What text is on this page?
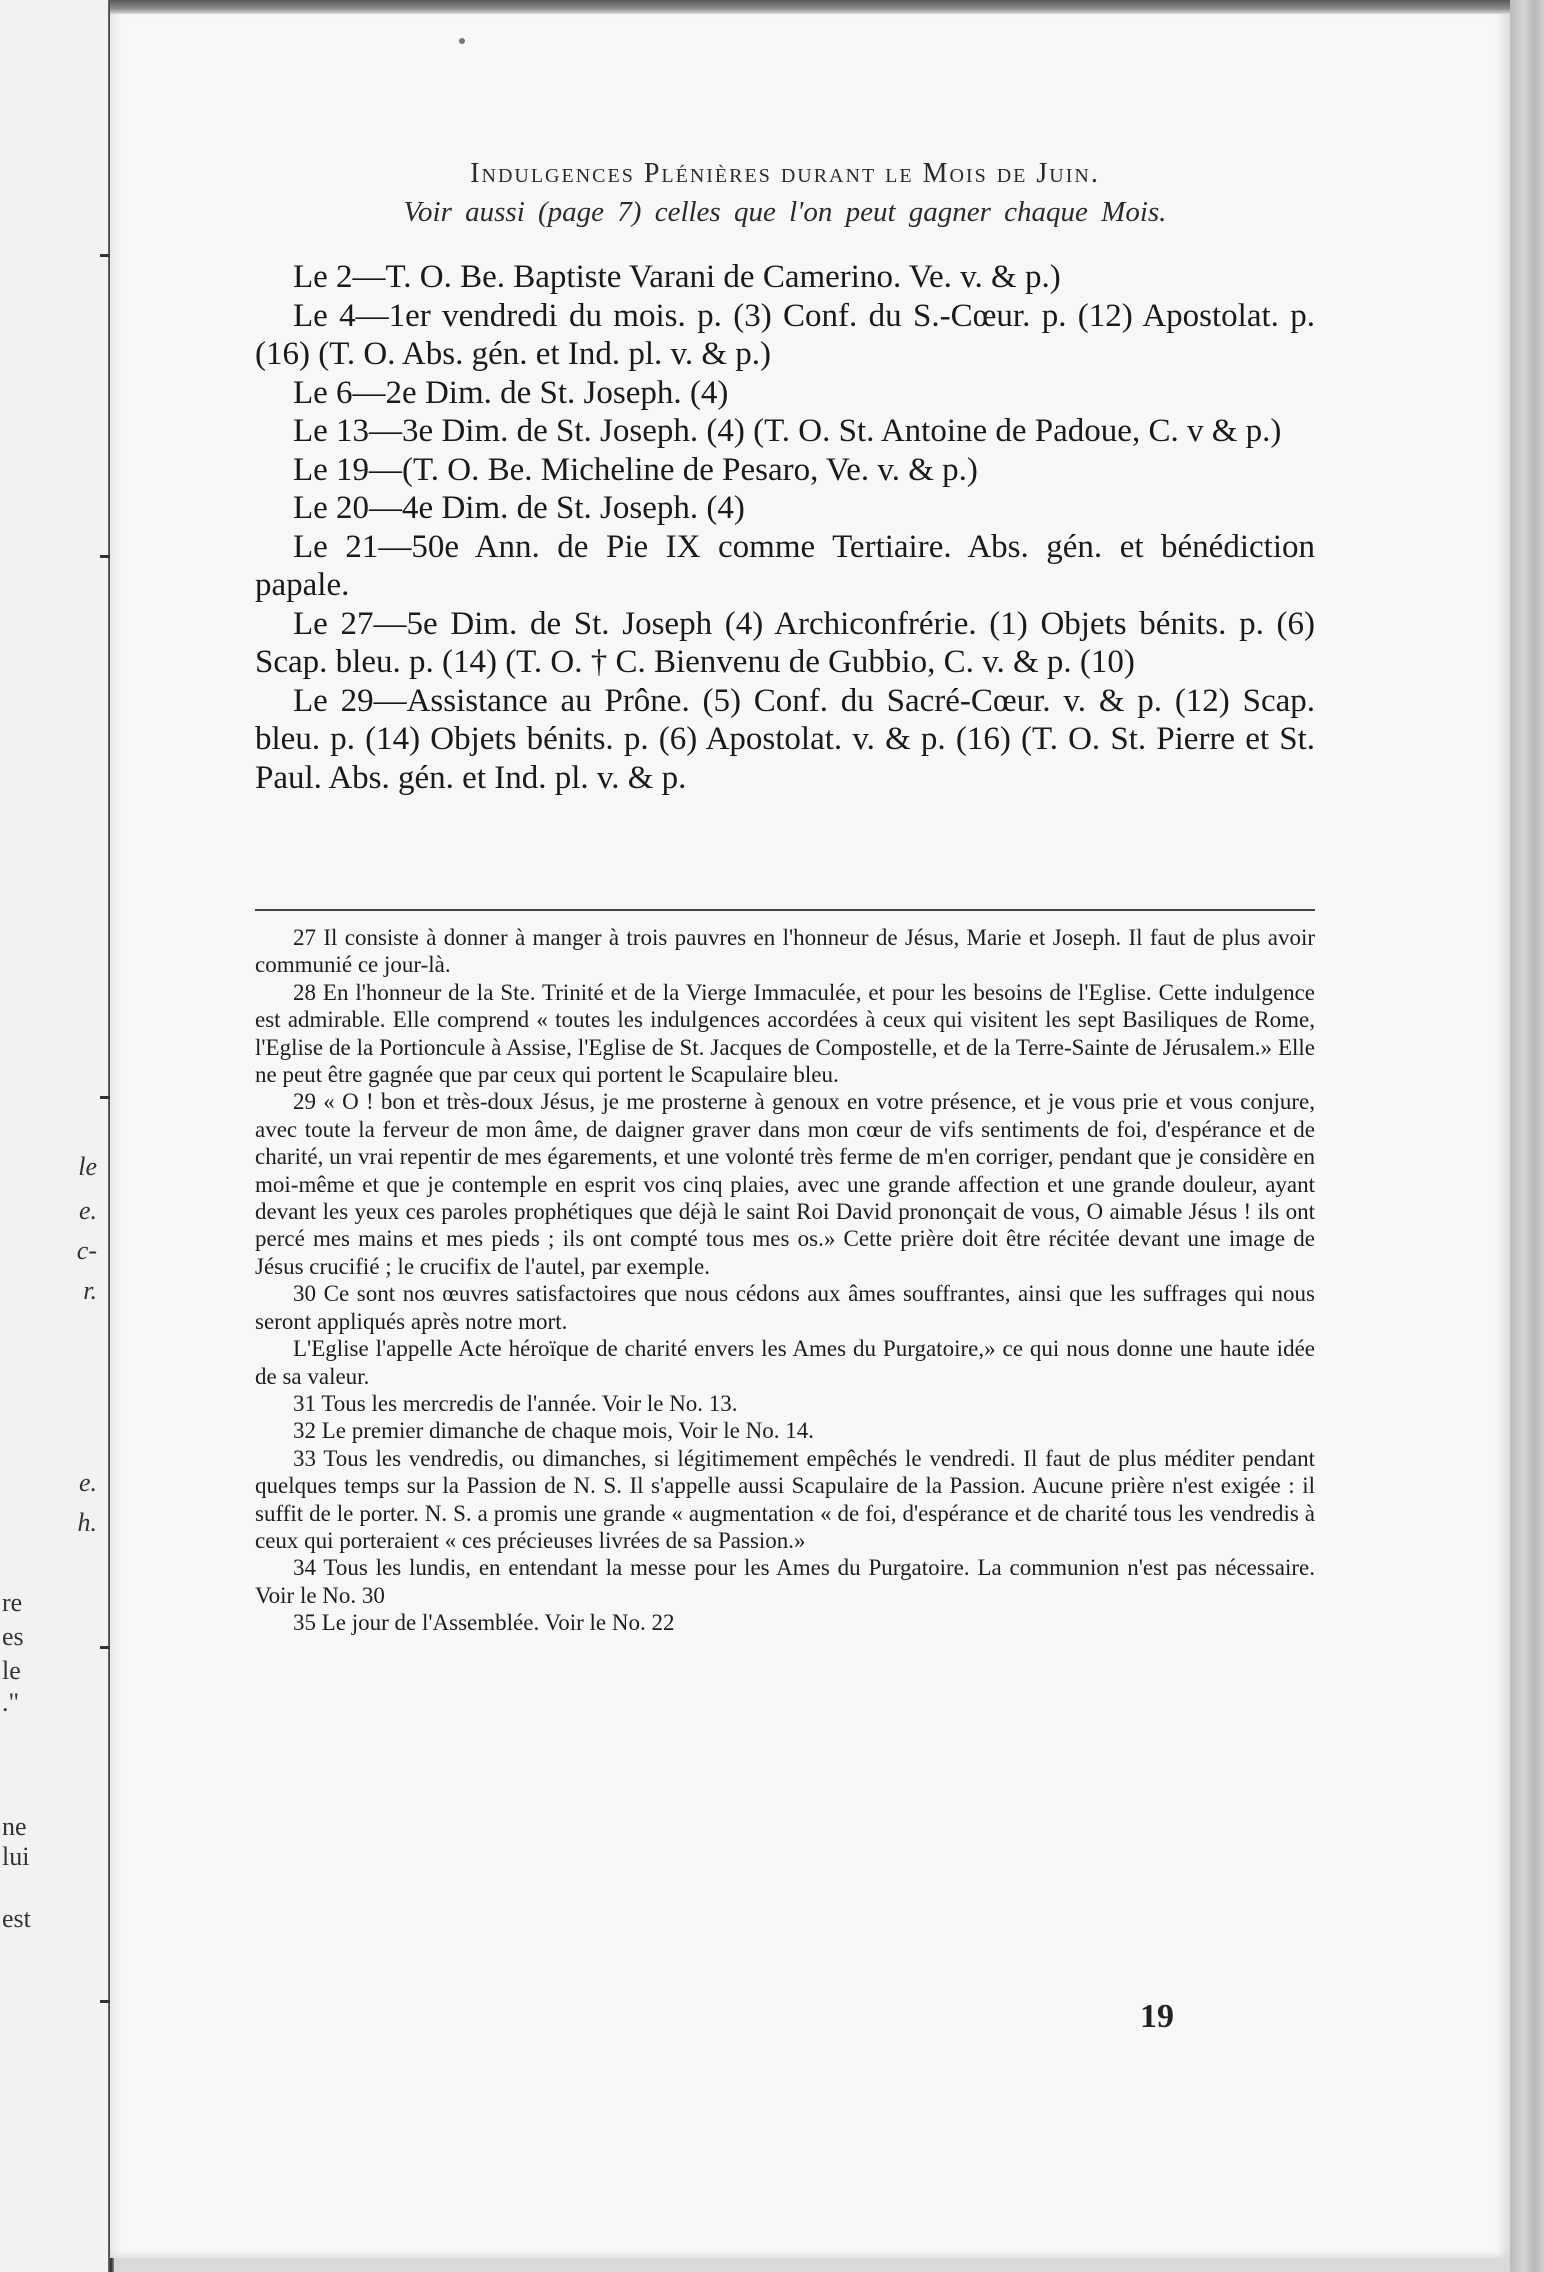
le
e.
c-
r.
e.
h.
re
es
le
."
ne
lui
est
Indulgences Plénières durant le Mois de Juin.
Voir aussi (page 7) celles que l'on peut gagner chaque Mois.

Le 2—T. O. Be. Baptiste Varani de Camerino. Ve. v. & p.)

Le 4—1er vendredi du mois. p. (3) Conf. du S.-Cœur. p. (12) Apostolat. p. (16) (T. O. Abs. gén. et Ind. pl. v. & p.)

Le 6—2e Dim. de St. Joseph. (4)

Le 13—3e Dim. de St. Joseph. (4) (T. O. St. Antoine de Padoue, C. v & p.)

Le 19—(T. O. Be. Micheline de Pesaro, Ve. v. & p.)

Le 20—4e Dim. de St. Joseph. (4)

Le 21—50e Ann. de Pie IX comme Tertiaire. Abs. gén. et bénédiction papale.

Le 27—5e Dim. de St. Joseph (4) Archiconfrérie. (1) Objets bénits. p. (6) Scap. bleu. p. (14) (T. O. † C. Bienvenu de Gubbio, C. v. & p. (10)

Le 29—Assistance au Prône. (5) Conf. du Sacré-Cœur. v. & p. (12) Scap. bleu. p. (14) Objets bénits. p. (6) Apostolat. v. & p. (16) (T. O. St. Pierre et St. Paul. Abs. gén. et Ind. pl. v. & p.

27 Il consiste à donner à manger à trois pauvres en l'honneur de Jésus, Marie et Joseph. Il faut de plus avoir communié ce jour-là.

28 En l'honneur de la Ste. Trinité et de la Vierge Immaculée, et pour les besoins de l'Eglise. Cette indulgence est admirable. Elle comprend « toutes les indulgences accordées à ceux qui visitent les sept Basiliques de Rome, l'Eglise de la Portioncule à Assise, l'Eglise de St. Jacques de Compostelle, et de la Terre-Sainte de Jérusalem.» Elle ne peut être gagnée que par ceux qui portent le Scapulaire bleu.

29 « O ! bon et très-doux Jésus, je me prosterne à genoux en votre présence, et je vous prie et vous conjure, avec toute la ferveur de mon âme, de daigner graver dans mon cœur de vifs sentiments de foi, d'espérance et de charité, un vrai repentir de mes égarements, et une volonté très ferme de m'en corriger, pendant que je considère en moi-même et que je contemple en esprit vos cinq plaies, avec une grande affection et une grande douleur, ayant devant les yeux ces paroles prophétiques que déjà le saint Roi David prononçait de vous, O aimable Jésus ! ils ont percé mes mains et mes pieds ; ils ont compté tous mes os.» Cette prière doit être récitée devant une image de Jésus crucifié ; le crucifix de l'autel, par exemple.

30 Ce sont nos œuvres satisfactoires que nous cédons aux âmes souffrantes, ainsi que les suffrages qui nous seront appliqués après notre mort.

L'Eglise l'appelle Acte héroïque de charité envers les Ames du Purgatoire,» ce qui nous donne une haute idée de sa valeur.

31 Tous les mercredis de l'année. Voir le No. 13.

32 Le premier dimanche de chaque mois, Voir le No. 14.

33 Tous les vendredis, ou dimanches, si légitimement empêchés le vendredi. Il faut de plus méditer pendant quelques temps sur la Passion de N. S. Il s'appelle aussi Scapulaire de la Passion. Aucune prière n'est exigée : il suffit de le porter. N. S. a promis une grande « augmentation « de foi, d'espérance et de charité tous les vendredis à ceux qui porteraient « ces précieuses livrées de sa Passion.»

34 Tous les lundis, en entendant la messe pour les Ames du Purgatoire. La communion n'est pas nécessaire. Voir le No. 30

35 Le jour de l'Assemblée. Voir le No. 22

19
